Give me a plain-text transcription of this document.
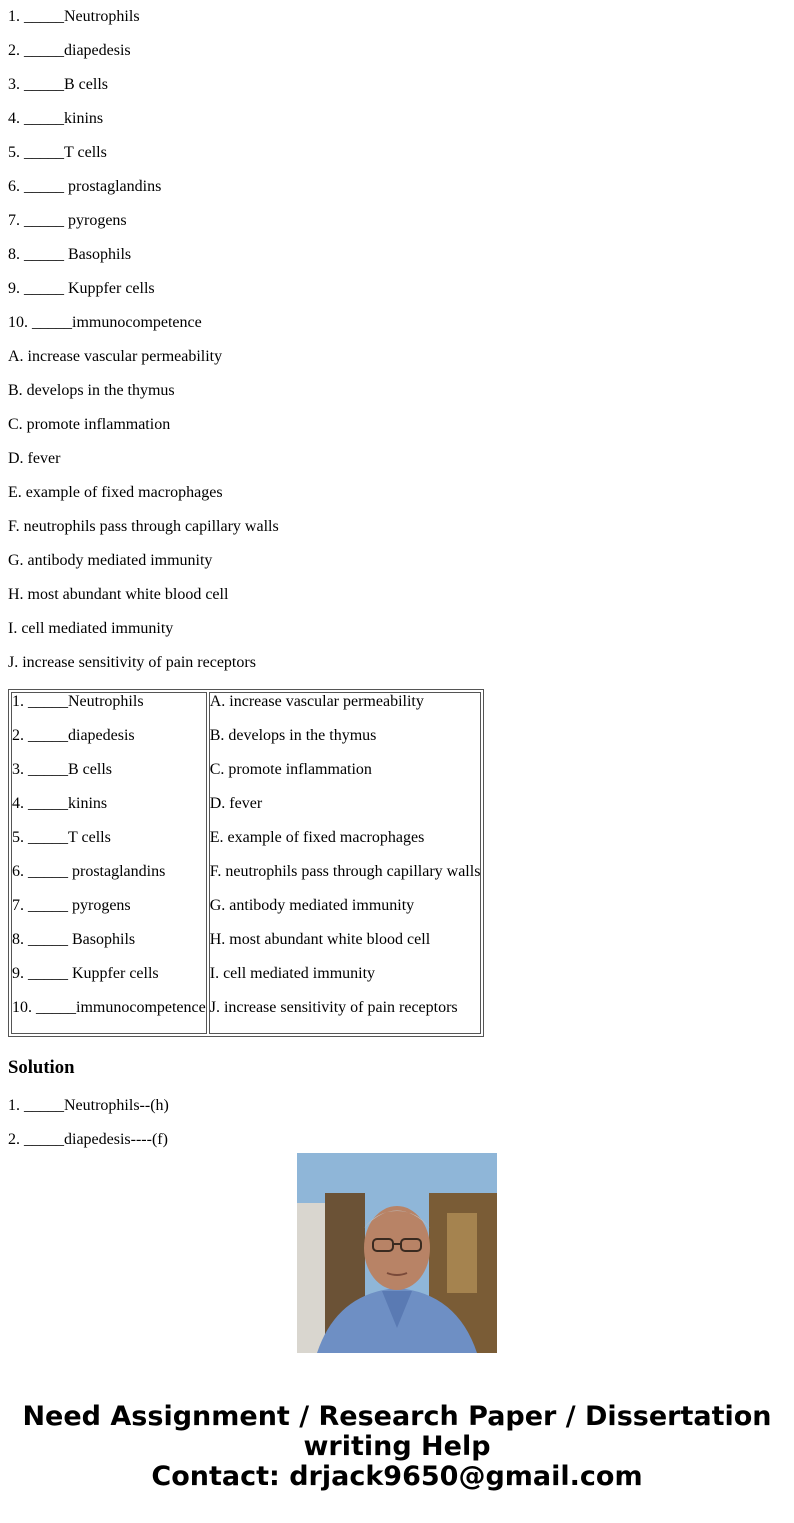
1. _____Neutrophils

2. _____diapedesis

3. _____B cells

4. _____kinins

5. _____T cells

6. _____ prostaglandins

7. _____ pyrogens

8. _____ Basophils

9. _____ Kuppfer cells

10. _____immunocompetence

A. increase vascular permeability

B. develops in the thymus

C. promote inflammation

D. fever

E. example of fixed macrophages

F. neutrophils pass through capillary walls

G. antibody mediated immunity

H. most abundant white blood cell

I. cell mediated immunity

J. increase sensitivity of pain receptors

1. _____Neutrophils

2. _____diapedesis

3. _____B cells

4. _____kinins

5. _____T cells

6. _____ prostaglandins

7. _____ pyrogens

8. _____ Basophils

9. _____ Kuppfer cells

10. _____immunocompetence

A. increase vascular permeability

B. develops in the thymus

C. promote inflammation

D. fever

E. example of fixed macrophages

F. neutrophils pass through capillary walls

G. antibody mediated immunity

H. most abundant white blood cell

I. cell mediated immunity

J. increase sensitivity of pain receptors

Solution

1. _____Neutrophils--(h)

2. _____diapedesis----(f)

Need Assignment / Research Paper / Dissertation
writing Help
Contact: drjack9650@gmail.com
